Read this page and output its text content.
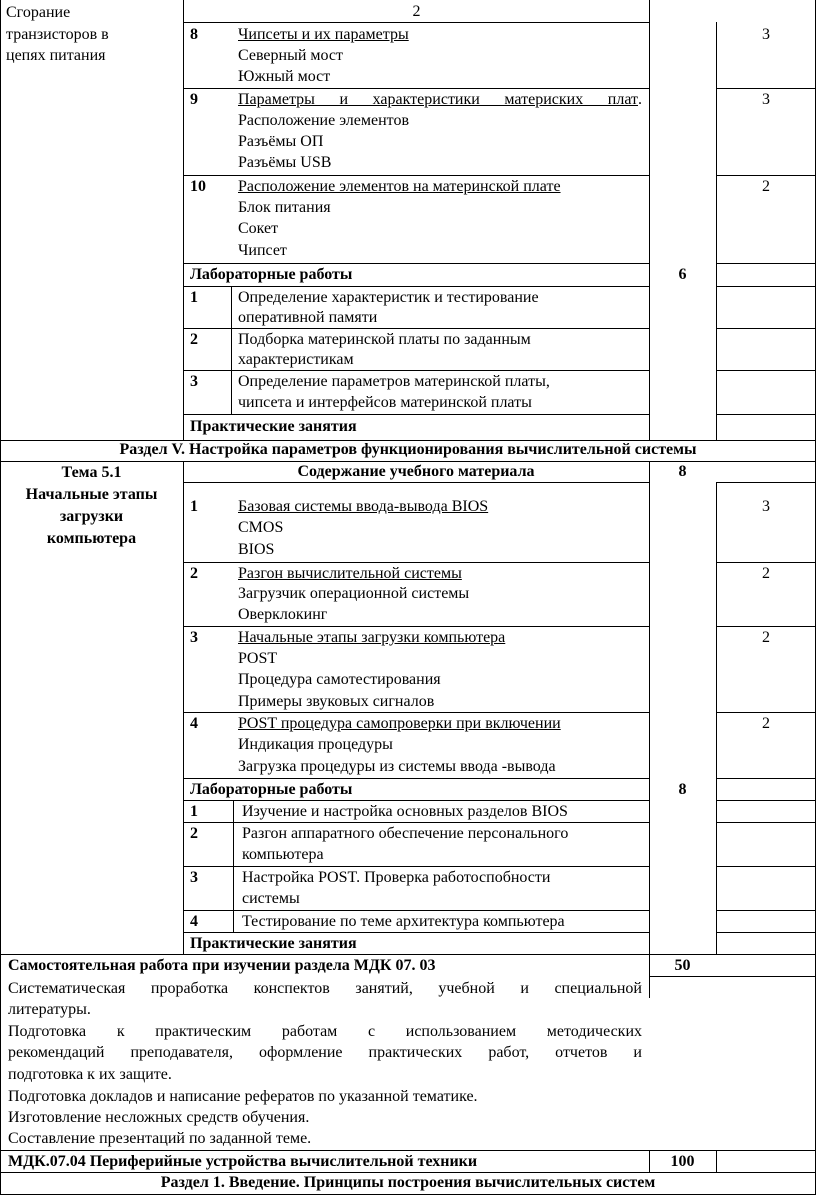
Сгорание
транзисторов в
цепях питания
2
8	Чипсеты и их параметры
Северный мост
Южный мост
3
9	Параметры и характеристики материских плат .
Расположение элементов
Разъёмы ОП
Разъёмы USB
3
10 Расположение элементов на материнской плате
Блок питания
Сокет
Чипсет
2
Лабораторные работы	6
1	Определение характеристик и тестирование
оперативной памяти
2	Подборка материнской платы по заданным
характеристикам
3	Определение параметров материнской платы,
чипсета и интерфейсов материнской платы
Практические занятия
Раздел V. Настройка параметров функционирования вычислительной системы
Тема 5.1
Начальные этапы
загрузки
компьютера
Содержание учебного материала	8
1	Базовая системы ввода-вывода BIOS
CMOS
BIOS
3
2	Разгон вычислительной системы
Загрузчик операционной системы
Оверклокинг
2
3	Начальные этапы загрузки компьютера
POST
Процедура самотестирования
Примеры звуковых сигналов
2
4	POST процедура самопроверки при включении
Индикация процедуры
Загрузка процедуры из системы ввода -вывода
2
Лабораторные работы	8
1	Изучение и настройка основных разделов BIOS
2	Разгон аппаратного обеспечение персонального
компьютера
3	Настройка POST. Проверка работоспобности
системы
4	Тестирование по теме архитектура компьютера
Практические занятия
Самостоятельная работа при изучении раздела МДК 07. 03	50
Систематическая проработка конспектов занятий, учебной и специальной
литературы.
Подготовка к практическим работам с использованием методических
рекомендаций преподавателя, оформление практических работ, отчетов и
подготовка к их защите.
Подготовка докладов и написание рефератов по указанной тематике.
Изготовление несложных средств обучения.
Составление презентаций по заданной теме.
МДК.07.04 Периферийные устройства вычислительной техники	100
Раздел 1. Введение. Принципы построения вычислительных систем
